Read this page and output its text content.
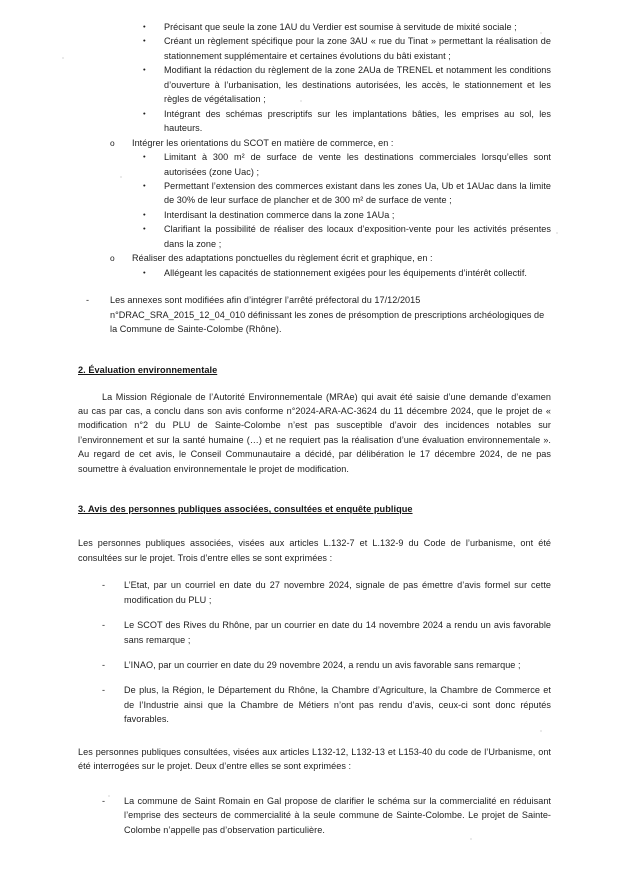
•	Précisant que seule la zone 1AU du Verdier est soumise à servitude de mixité sociale ;
•	Créant un règlement spécifique pour la zone 3AU « rue du Tinat » permettant la réalisation de stationnement supplémentaire et certaines évolutions du bâti existant ;
•	Modifiant la rédaction du règlement de la zone 2AUa de TRENEL et notamment les conditions d’ouverture à l’urbanisation, les destinations autorisées, les accès, le stationnement et les règles de végétalisation ;
•	Intégrant des schémas prescriptifs sur les implantations bâties, les emprises au sol, les hauteurs.
o	Intégrer les orientations du SCOT en matière de commerce, en :
•	Limitant à 300 m² de surface de vente les destinations commerciales lorsqu’elles sont autorisées (zone Uac) ;
•	Permettant l’extension des commerces existant dans les zones Ua, Ub et 1AUac dans la limite de 30% de leur surface de plancher et de 300 m² de surface de vente ;
•	Interdisant la destination commerce dans la zone 1AUa ;
•	Clarifiant la possibilité de réaliser des locaux d’exposition-vente pour les activités présentes dans la zone ;
o	Réaliser des adaptations ponctuelles du règlement écrit et graphique, en :
•	Allégeant les capacités de stationnement exigées pour les équipements d’intérêt collectif.
-	Les annexes sont modifiées afin d’intégrer l’arrêté préfectoral du 17/12/2015 n°DRAC_SRA_2015_12_04_010 définissant les zones de présomption de prescriptions archéologiques de la Commune de Sainte-Colombe (Rhône).
2. Évaluation environnementale

La Mission Régionale de l’Autorité Environnementale (MRAe) qui avait été saisie d’une demande d’examen au cas par cas, a conclu dans son avis conforme n°2024-ARA-AC-3624 du 11 décembre 2024, que le projet de « modification n°2 du PLU de Sainte-Colombe n’est pas susceptible d’avoir des incidences notables sur l’environnement et sur la santé humaine (…) et ne requiert pas la réalisation d’une évaluation environnementale ». Au regard de cet avis, le Conseil Communautaire a décidé, par délibération le 17 décembre 2024, de ne pas soumettre à évaluation environnementale le projet de modification.

3. Avis des personnes publiques associées, consultées et enquête publique

Les personnes publiques associées, visées aux articles L.132-7 et L.132-9 du Code de l’urbanisme, ont été consultées sur le projet. Trois d’entre elles se sont exprimées :

-	L’Etat, par un courriel en date du 27 novembre 2024, signale de pas émettre d’avis formel sur cette modification du PLU ;
-	Le SCOT des Rives du Rhône, par un courrier en date du 14 novembre 2024 a rendu un avis favorable sans remarque ;
-	L’INAO, par un courrier en date du 29 novembre 2024, a rendu un avis favorable sans remarque ;
-	De plus, la Région, le Département du Rhône, la Chambre d’Agriculture, la Chambre de Commerce et de l’Industrie ainsi que la Chambre de Métiers n’ont pas rendu d’avis, ceux-ci sont donc réputés favorables.

Les personnes publiques consultées, visées aux articles L132-12, L132-13 et L153-40 du code de l’Urbanisme, ont été interrogées sur le projet. Deux d’entre elles se sont exprimées :

-	La commune de Saint Romain en Gal propose de clarifier le schéma sur la commercialité en réduisant l’emprise des secteurs de commercialité à la seule commune de Sainte-Colombe. Le projet de Sainte-Colombe n’appelle pas d’observation particulière.
